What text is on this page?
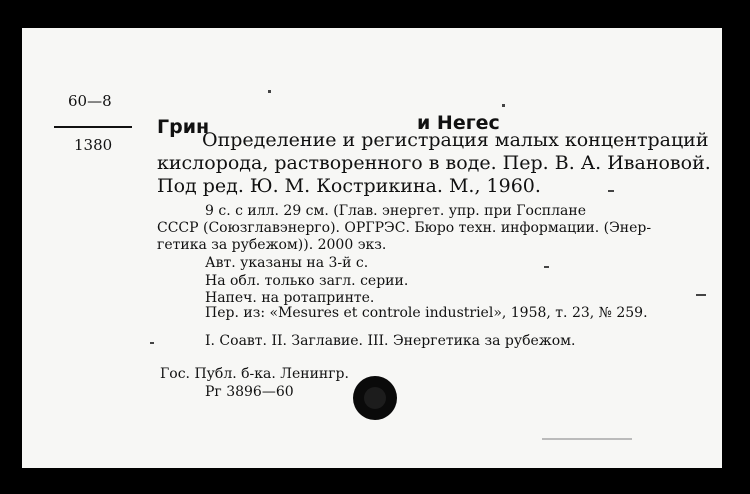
60—8
1380
Грин	и Негес
Определение и регистрация малых концентраций
кислорода, растворенного в воде. Пер. В. А. Ивановой.
Под ред. Ю. М. Кострикина. М., 1960.
9 с. с илл. 29 см. (Глав. энергет. упр. при Госплане
СССР (Союзглавэнерго). ОРГРЭС. Бюро техн. информации. (Энер-
гетика за рубежом)). 2000 экз.
Авт. указаны на 3-й с.
На обл. только загл. серии.
Напеч. на ротапринте.
Пер. из: «Mesures et controle industriel», 1958, т. 23, № 259.
I. Соавт. II. Заглавие. III. Энергетика за рубежом.
Гос. Публ. б-ка. Ленингр.
Рг 3896—60
